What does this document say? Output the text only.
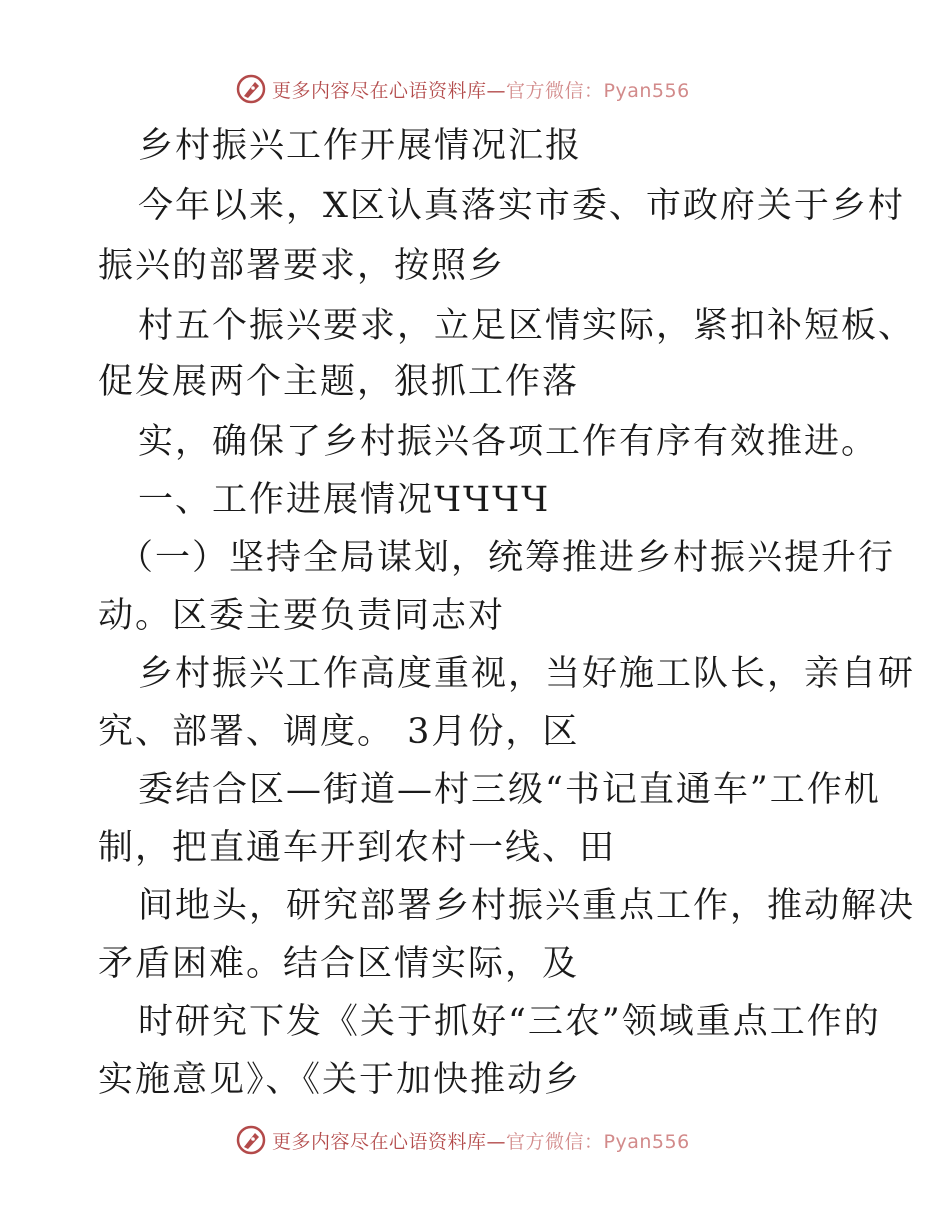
更多内容尽在心语资料库—官方微信：Pyan556
乡村振兴工作开展情况汇报
今年以来，X区认真落实市委、市政府关于乡村
振兴的部署要求，按照乡
村五个振兴要求，立足区情实际，紧扣补短板、
促发展两个主题，狠抓工作落
实，确保了乡村振兴各项工作有序有效推进。
一、工作进展情况ЧЧЧЧ
（一）坚持全局谋划，统筹推进乡村振兴提升行
动。区委主要负责同志对
乡村振兴工作高度重视，当好施工队长，亲自研
究、部署、调度。 3月份，区
委结合区—街道—村三级“书记直通车”工作机
制，把直通车开到农村一线、田
间地头，研究部署乡村振兴重点工作，推动解决
矛盾困难。结合区情实际，及
时研究下发《关于抓好“三农”领域重点工作的
实施意见》、《关于加快推动乡
更多内容尽在心语资料库—官方微信：Pyan556
